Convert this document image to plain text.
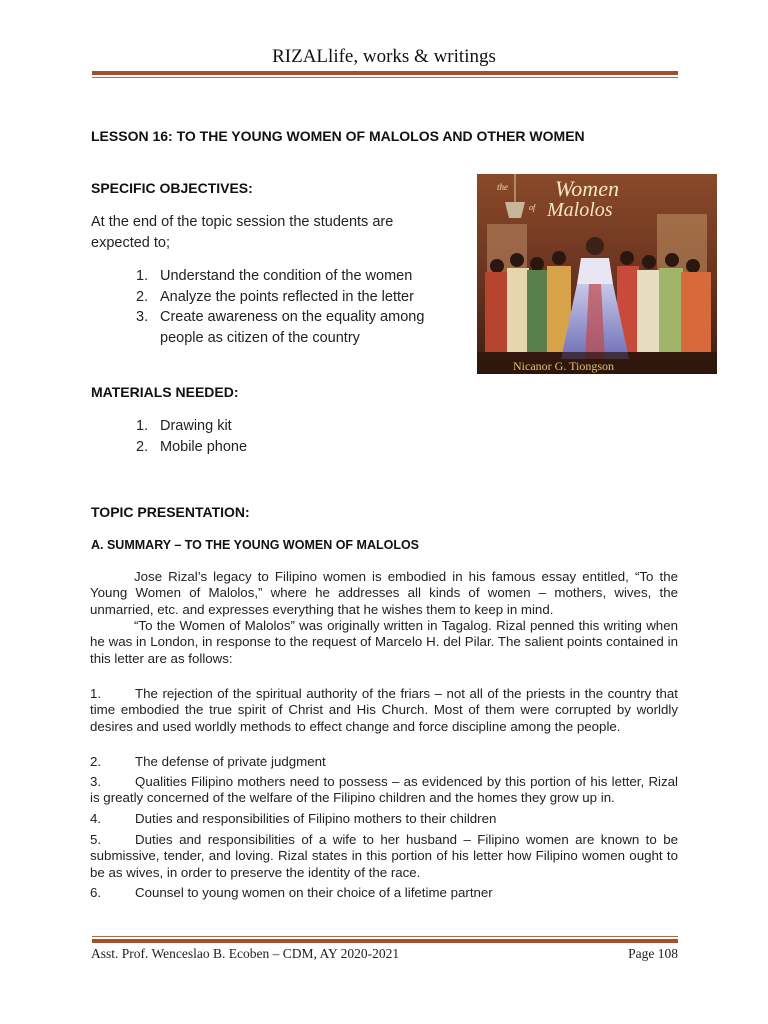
RIZALlife, works & writings
LESSON 16: TO THE YOUNG WOMEN OF MALOLOS AND OTHER WOMEN
SPECIFIC OBJECTIVES:
At the end of the topic session the students are expected to;
1. Understand the condition of the women
2. Analyze the points reflected in the letter
3. Create awareness on the equality among people as citizen of the country
the Women
of Malolos
Nicanor G. Tiongson
MATERIALS NEEDED:
1. Drawing kit
2. Mobile phone
TOPIC PRESENTATION:
A. SUMMARY – TO THE YOUNG WOMEN OF MALOLOS
Jose Rizal’s legacy to Filipino women is embodied in his famous essay entitled, “To the Young Women of Malolos,” where he addresses all kinds of women – mothers, wives, the unmarried, etc. and expresses everything that he wishes them to keep in mind.
“To the Women of Malolos” was originally written in Tagalog. Rizal penned this writing when he was in London, in response to the request of Marcelo H. del Pilar. The salient points contained in this letter are as follows:
1.	The rejection of the spiritual authority of the friars – not all of the priests in the country that time embodied the true spirit of Christ and His Church. Most of them were corrupted by worldly desires and used worldly methods to effect change and force discipline among the people.
2.	The defense of private judgment
3.	Qualities Filipino mothers need to possess – as evidenced by this portion of his letter, Rizal is greatly concerned of the welfare of the Filipino children and the homes they grow up in.
4.	Duties and responsibilities of Filipino mothers to their children
5.	Duties and responsibilities of a wife to her husband – Filipino women are known to be submissive, tender, and loving. Rizal states in this portion of his letter how Filipino women ought to be as wives, in order to preserve the identity of the race.
6.	Counsel to young women on their choice of a lifetime partner
Asst. Prof. Wenceslao B. Ecoben – CDM, AY 2020-2021	Page 108
